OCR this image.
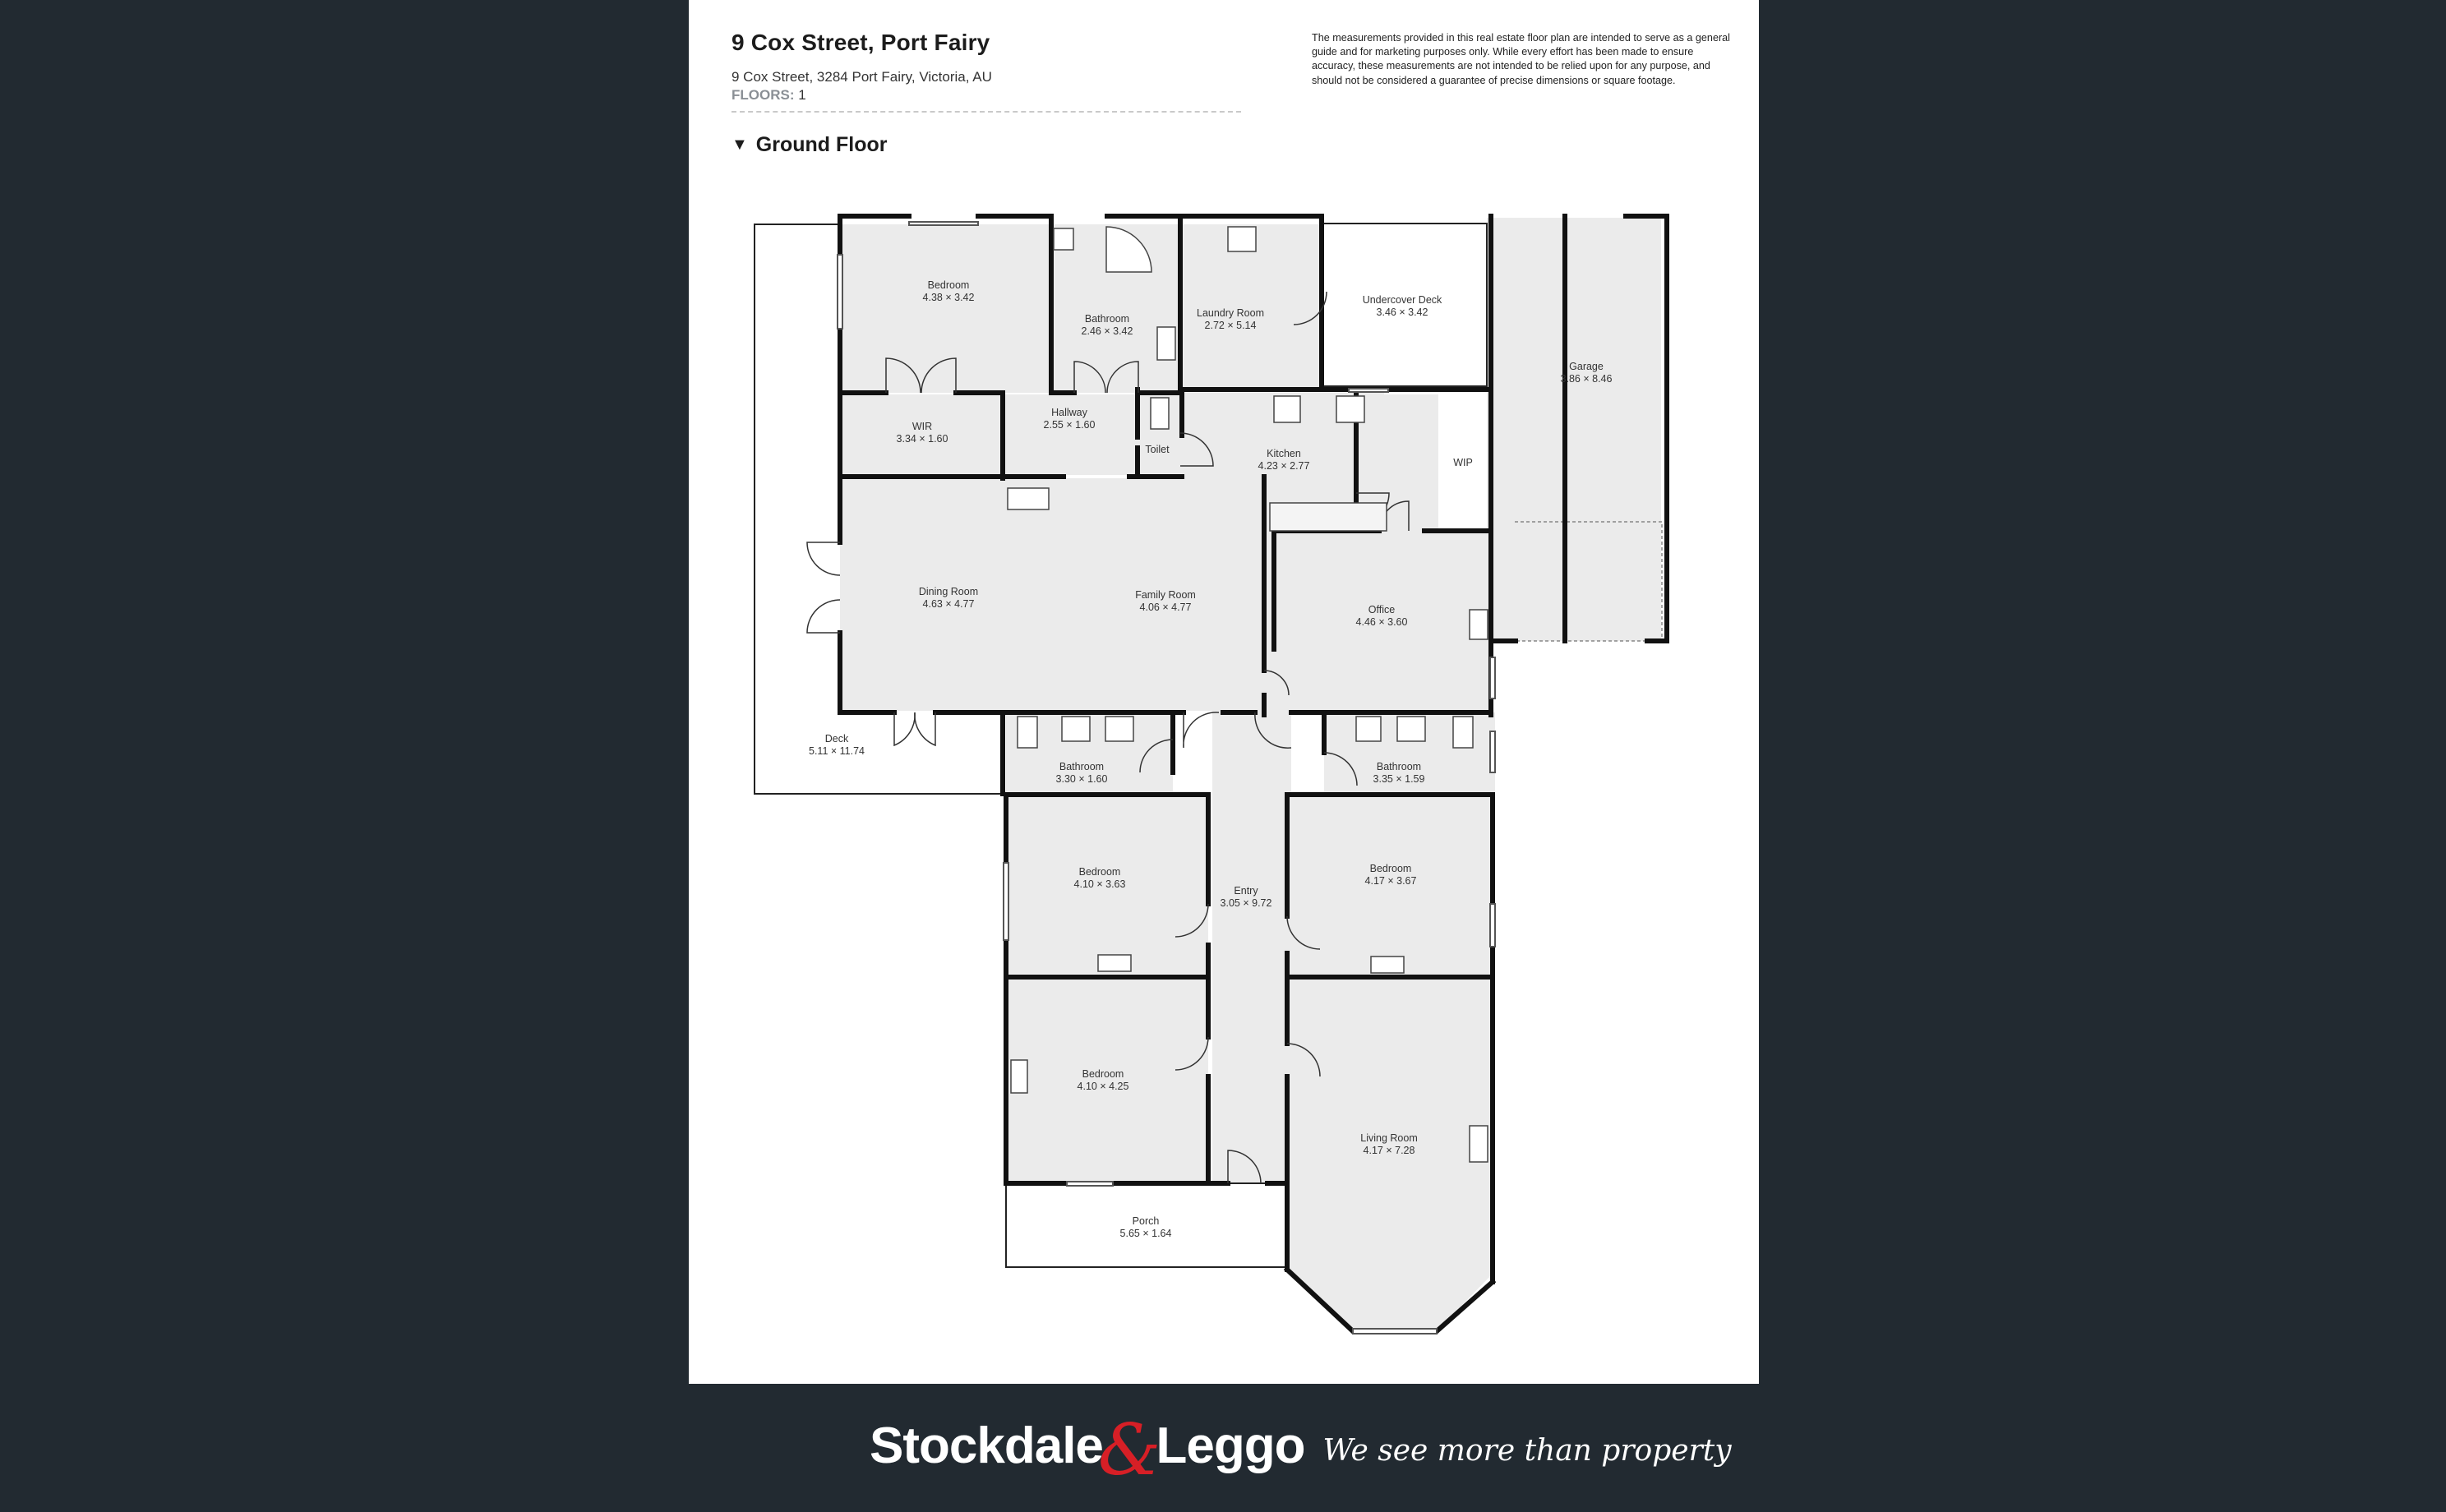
9 Cox Street, Port Fairy
9 Cox Street, 3284 Port Fairy, Victoria, AU
FLOORS: 1
The measurements provided in this real estate floor plan are intended to serve as a general guide and for marketing purposes only. While every effort has been made to ensure accuracy, these measurements are not intended to be relied upon for any purpose, and should not be considered a guarantee of precise dimensions or square footage.
▼ Ground Floor
Bedroom
4.38 × 3.42
Bathroom
2.46 × 3.42
Laundry Room
2.72 × 5.14
Undercover Deck
3.46 × 3.42
Garage
3.86 × 8.46
WIR
3.34 × 1.60
Hallway
2.55 × 1.60
Toilet	Kitchen
4.23 × 2.77	WIP
Dining Room
4.63 × 4.77
Family Room
4.06 × 4.77	Office
4.46 × 3.60
Deck
5.11 × 11.74
Bathroom
3.30 × 1.60
Bathroom
3.35 × 1.59
Bedroom
4.10 × 3.63
Entry
3.05 × 9.72
Bedroom
4.17 × 3.67
Bedroom
4.10 × 4.25
Living Room
4.17 × 7.28
Porch
5.65 × 1.64
Stockdale
&
Leggo We see more than property
